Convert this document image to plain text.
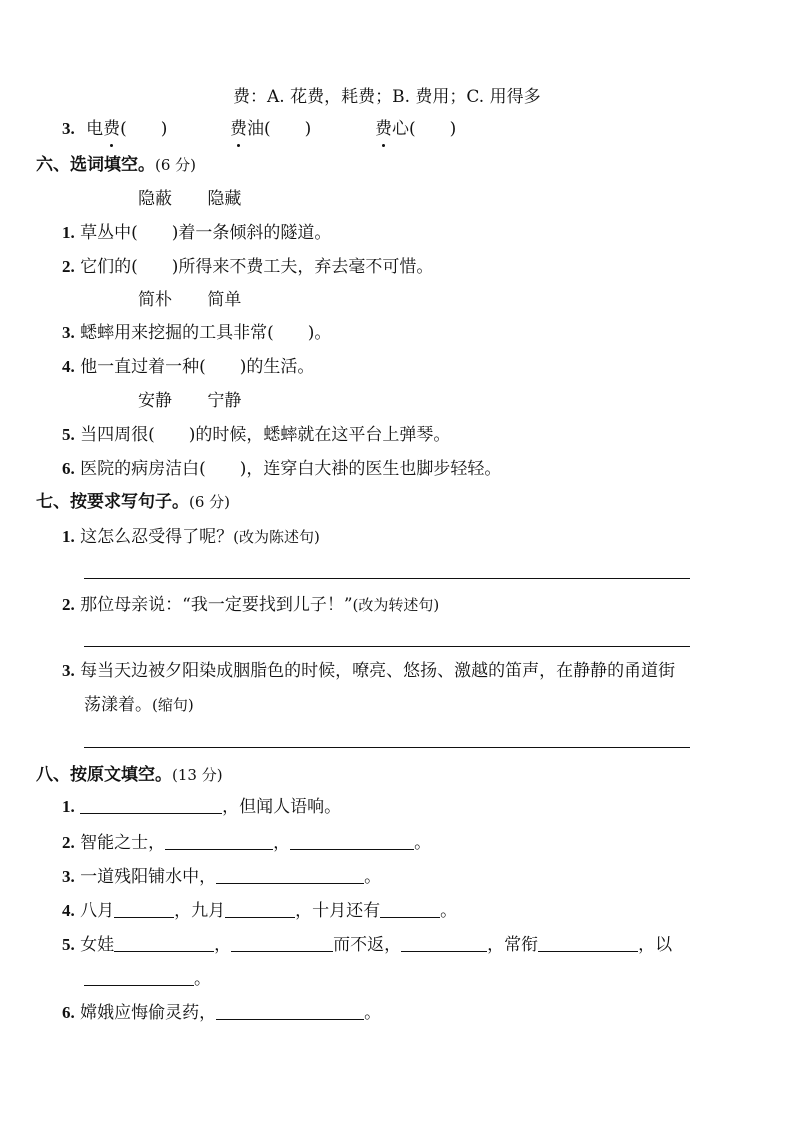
费：A. 花费，耗费；B. 费用；C. 用得多
3. 电费(　　)	费油(　　)	费心(　　)
六、选词填空。(6 分)
隐蔽 隐藏
1. 草丛中(　　)着一条倾斜的隧道。
2. 它们的(　　)所得来不费工夫，弃去毫不可惜。
简朴 简单
3. 蟋蟀用来挖掘的工具非常(　　)。
4. 他一直过着一种(　　)的生活。
安静 宁静
5. 当四周很(　　)的时候，蟋蟀就在这平台上弹琴。
6. 医院的病房洁白(　　)，连穿白大褂的医生也脚步轻轻。
七、按要求写句子。(6 分)
1. 这怎么忍受得了呢？(改为陈述句)
2. 那位母亲说：“我一定要找到儿子！”(改为转述句)
3. 每当天边被夕阳染成胭脂色的时候，嘹亮、悠扬、激越的笛声，在静静的甬道街
荡漾着。(缩句)
八、按原文填空。(13 分)
1.	，但闻人语响。
2. 智能之士，	，	。
3. 一道残阳铺水中，	。
4. 八月	，九月	，十月还有	。
5. 女娃	，	而不返，	，常衔	，以
。
6. 嫦娥应悔偷灵药，	。
